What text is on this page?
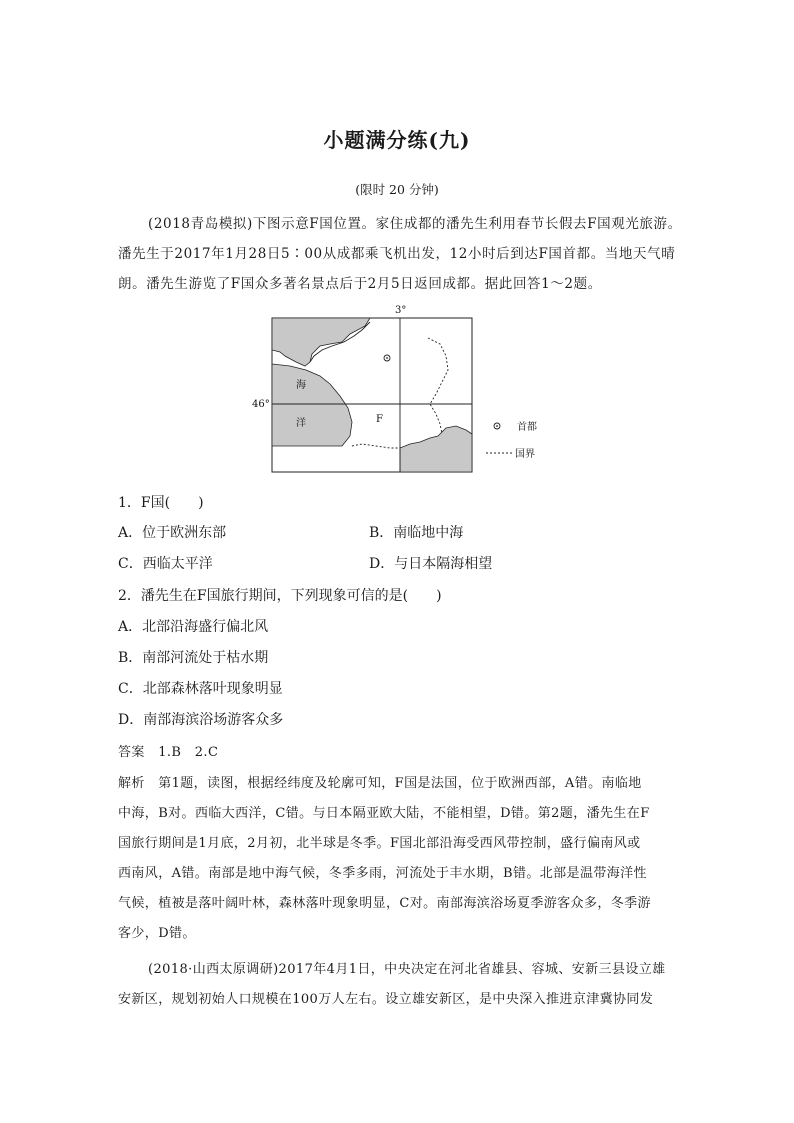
小题满分练(九)
(限时 20 分钟)
(2018青岛模拟)下图示意F国位置。家住成都的潘先生利用春节长假去F国观光旅游。
潘先生于2017年1月28日5∶00从成都乘飞机出发，12小时后到达F国首都。当地天气晴
朗。潘先生游览了F国众多著名景点后于2月5日返回成都。据此回答1～2题。
3°
46°
海
洋	F
首都
国界
1．F国(　　)
A．位于欧洲东部	B．南临地中海
C．西临太平洋	D．与日本隔海相望
2．潘先生在F国旅行期间，下列现象可信的是(　　)
A．北部沿海盛行偏北风
B．南部河流处于枯水期
C．北部森林落叶现象明显
D．南部海滨浴场游客众多
答案　1.B　2.C
解析　第1题，读图，根据经纬度及轮廓可知，F国是法国，位于欧洲西部，A错。南临地
中海，B对。西临大西洋，C错。与日本隔亚欧大陆，不能相望，D错。第2题，潘先生在F
国旅行期间是1月底，2月初，北半球是冬季。F国北部沿海受西风带控制，盛行偏南风或
西南风，A错。南部是地中海气候，冬季多雨，河流处于丰水期，B错。北部是温带海洋性
气候，植被是落叶阔叶林，森林落叶现象明显，C对。南部海滨浴场夏季游客众多，冬季游
客少，D错。
(2018·山西太原调研)2017年4月1日，中央决定在河北省雄县、容城、安新三县设立雄
安新区，规划初始人口规模在100万人左右。设立雄安新区，是中央深入推进京津冀协同发
